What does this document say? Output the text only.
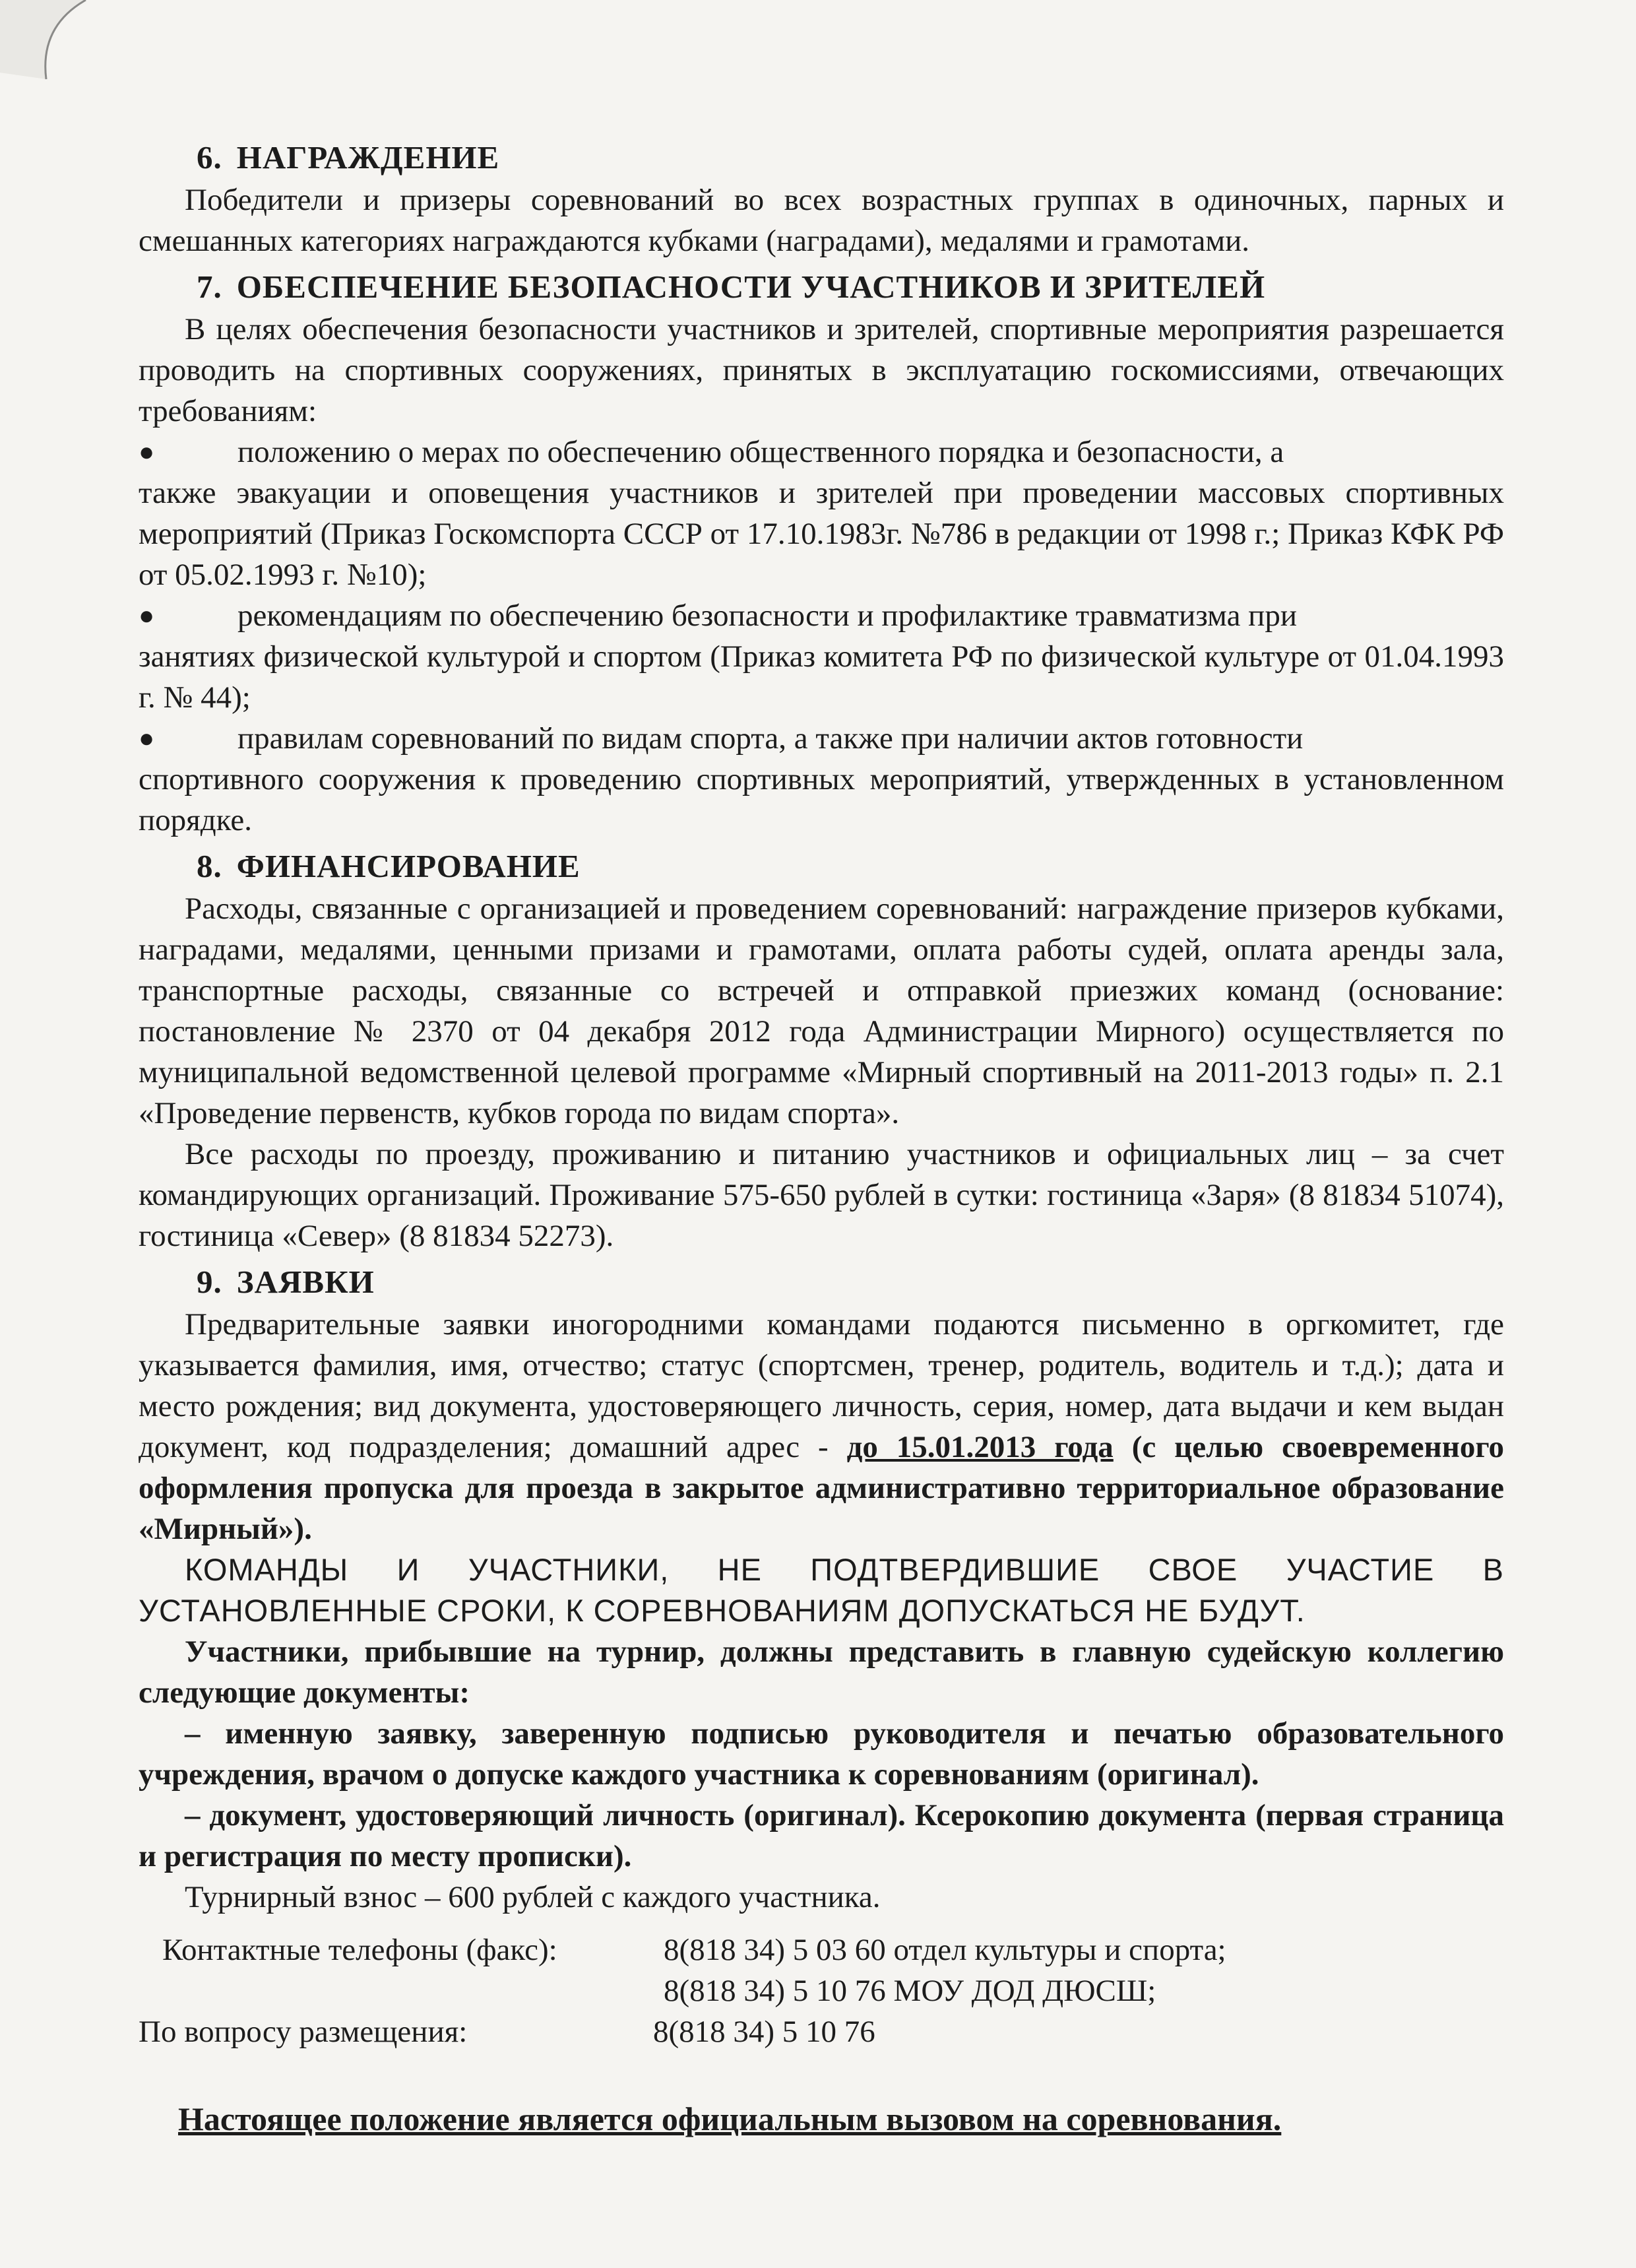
6. НАГРАЖДЕНИЕ

Победители и призеры соревнований во всех возрастных группах в одиночных, парных и смешанных категориях награждаются кубками (наградами), медалями и грамотами.

7. ОБЕСПЕЧЕНИЕ БЕЗОПАСНОСТИ УЧАСТНИКОВ И ЗРИТЕЛЕЙ

В целях обеспечения безопасности участников и зрителей, спортивные мероприятия разрешается проводить на спортивных сооружениях, принятых в эксплуатацию госкомиссиями, отвечающих требованиям:

●	положению о мерах по обеспечению общественного порядка и безопасности, а

также эвакуации и оповещения участников и зрителей при проведении массовых спортивных мероприятий (Приказ Госкомспорта СССР от 17.10.1983г. №786 в редакции от 1998 г.; Приказ КФК РФ от 05.02.1993 г. №10);

●	рекомендациям по обеспечению безопасности и профилактике травматизма при

занятиях физической культурой и спортом (Приказ комитета РФ по физической культуре от 01.04.1993 г. № 44);

●	правилам соревнований по видам спорта, а также при наличии актов готовности

спортивного сооружения к проведению спортивных мероприятий, утвержденных в установленном порядке.

8. ФИНАНСИРОВАНИЕ

Расходы, связанные с организацией и проведением соревнований: награждение призеров кубками, наградами, медалями, ценными призами и грамотами, оплата работы судей, оплата аренды зала, транспортные расходы, связанные со встречей и отправкой приезжих команд (основание: постановление № 2370 от 04 декабря 2012 года Администрации Мирного) осуществляется по муниципальной ведомственной целевой программе «Мирный спортивный на 2011-2013 годы» п. 2.1 «Проведение первенств, кубков города по видам спорта».

Все расходы по проезду, проживанию и питанию участников и официальных лиц – за счет командирующих организаций. Проживание 575-650 рублей в сутки: гостиница «Заря» (8 81834 51074), гостиница «Север» (8 81834 52273).

9. ЗАЯВКИ

Предварительные заявки иногородними командами подаются письменно в оргкомитет, где указывается фамилия, имя, отчество; статус (спортсмен, тренер, родитель, водитель и т.д.); дата и место рождения; вид документа, удостоверяющего личность, серия, номер, дата выдачи и кем выдан документ, код подразделения; домашний адрес - до 15.01.2013 года (с целью своевременного оформления пропуска для проезда в закрытое административно территориальное образование «Мирный»).

КОМАНДЫ И УЧАСТНИКИ, НЕ ПОДТВЕРДИВШИЕ СВОЕ УЧАСТИЕ В УСТАНОВЛЕННЫЕ СРОКИ, К СОРЕВНОВАНИЯМ ДОПУСКАТЬСЯ НЕ БУДУТ.

Участники, прибывшие на турнир, должны представить в главную судейскую коллегию следующие документы:

– именную заявку, заверенную подписью руководителя и печатью образовательного учреждения, врачом о допуске каждого участника к соревнованиям (оригинал).

– документ, удостоверяющий личность (оригинал). Ксерокопию документа (первая страница и регистрация по месту прописки).

Турнирный взнос – 600 рублей с каждого участника.

Контактные телефоны (факс):	8(818 34) 5 03 60 отдел культуры и спорта;
8(818 34) 5 10 76 МОУ ДОД ДЮСШ;
По вопросу размещения:	8(818 34) 5 10 76
Настоящее положение является официальным вызовом на соревнования.
